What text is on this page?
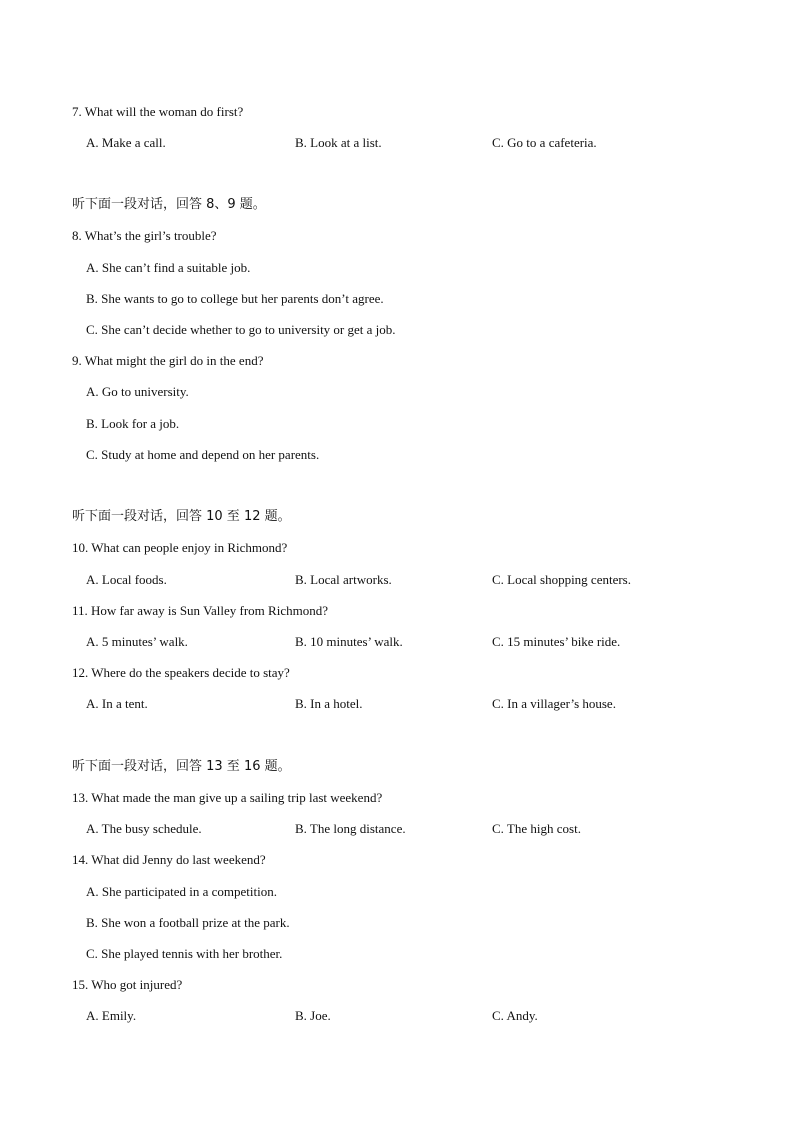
7. What will the woman do first?
A. Make a call.	B. Look at a list.	C. Go to a cafeteria.
听下面一段对话，回答 8、9 题。
8. What’s the girl’s trouble?
A. She can’t find a suitable job.
B. She wants to go to college but her parents don’t agree.
C. She can’t decide whether to go to university or get a job.
9. What might the girl do in the end?
A. Go to university.
B. Look for a job.
C. Study at home and depend on her parents.
听下面一段对话，回答 10 至 12 题。
10. What can people enjoy in Richmond?
A. Local foods.	B. Local artworks.	C. Local shopping centers.
11. How far away is Sun Valley from Richmond?
A. 5 minutes’ walk.	B. 10 minutes’ walk.	C. 15 minutes’ bike ride.
12. Where do the speakers decide to stay?
A. In a tent.	B. In a hotel.	C. In a villager’s house.
听下面一段对话，回答 13 至 16 题。
13. What made the man give up a sailing trip last weekend?
A. The busy schedule.	B. The long distance.	C. The high cost.
14. What did Jenny do last weekend?
A. She participated in a competition.
B. She won a football prize at the park.
C. She played tennis with her brother.
15. Who got injured?
A. Emily.	B. Joe.	C. Andy.
